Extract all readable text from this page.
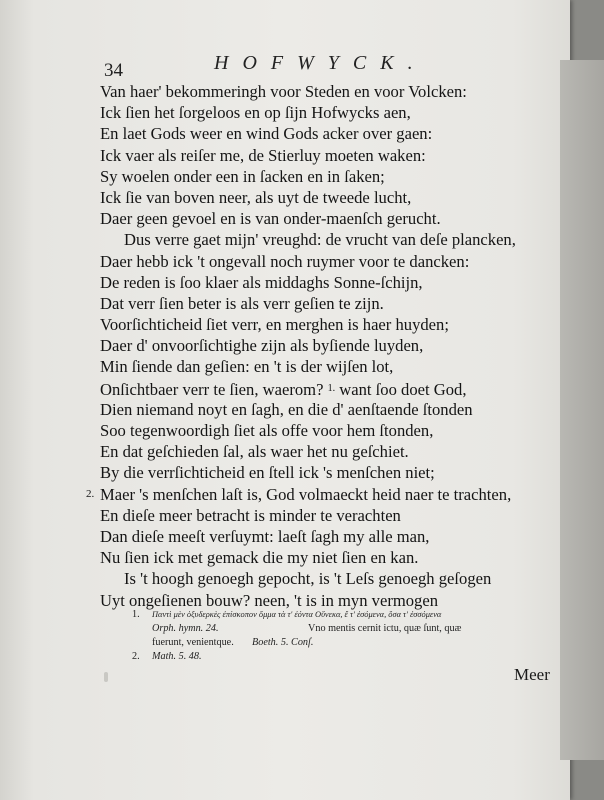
34	HOFWYCK.
Van haer' bekommeringh voor Steden en voor Volcken:
Ick ſien het ſorgeloos en op ſijn Hofwycks aen,
En laet Gods weer en wind Gods acker over gaen:
Ick vaer als reiſer me, de Stierluy moeten waken:
Sy woelen onder een in ſacken en in ſaken;
Ick ſie van boven neer, als uyt de tweede lucht,
Daer geen gevoel en is van onder-maenſch gerucht.
Dus verre gaet mijn' vreughd: de vrucht van deſe plancken,
Daer hebb ick 't ongevall noch ruymer voor te dancken:
De reden is ſoo klaer als middaghs Sonne-ſchijn,
Dat verr ſien beter is als verr geſien te zijn.
Voorſichticheid ſiet verr, en merghen is haer huyden;
Daer d' onvoorſichtighe zijn als byſiende luyden,
Min ſiende dan geſien: en 't is der wijſen lot,
Onſichtbaer verr te ſien, waerom? $^{1.}$ want ſoo doet God,
Dien niemand noyt en ſagh, en die d' aenſtaende ſtonden
Soo tegenwoordigh ſiet als offe voor hem ſtonden,
En dat geſchieden ſal, als waer het nu geſchiet.
By die verrſichticheid en ſtell ick 's menſchen niet;
2. Maer 's menſchen laſt is, God volmaeckt heid naer te trachten,
En dieſe meer betracht is minder te verachten
Dan dieſe meeſt verſuymt: laeſt ſagh my alle man,
Nu ſien ick met gemack die my niet ſien en kan.
Is 't hoogh genoegh gepocht, is 't Leſs genoegh geſogen
Uyt ongeſienen bouw? neen, 't is in myn vermogen
1. Παντὶ μὲν ὀξυδερκὲς ἐπίσκοπον ὄμμα τὰ τ' ἐόντα Οὕνεκα, ἔ τ' ἐσόμενα, ὅσα τ' ἐσσόμενα
Orph. hymn. 24.	Vno mentis cernit ictu, quæ ſunt, quæ
fuerunt, venientque. Boeth. 5. Conſ.
2. Math. 5. 48.
Meer
